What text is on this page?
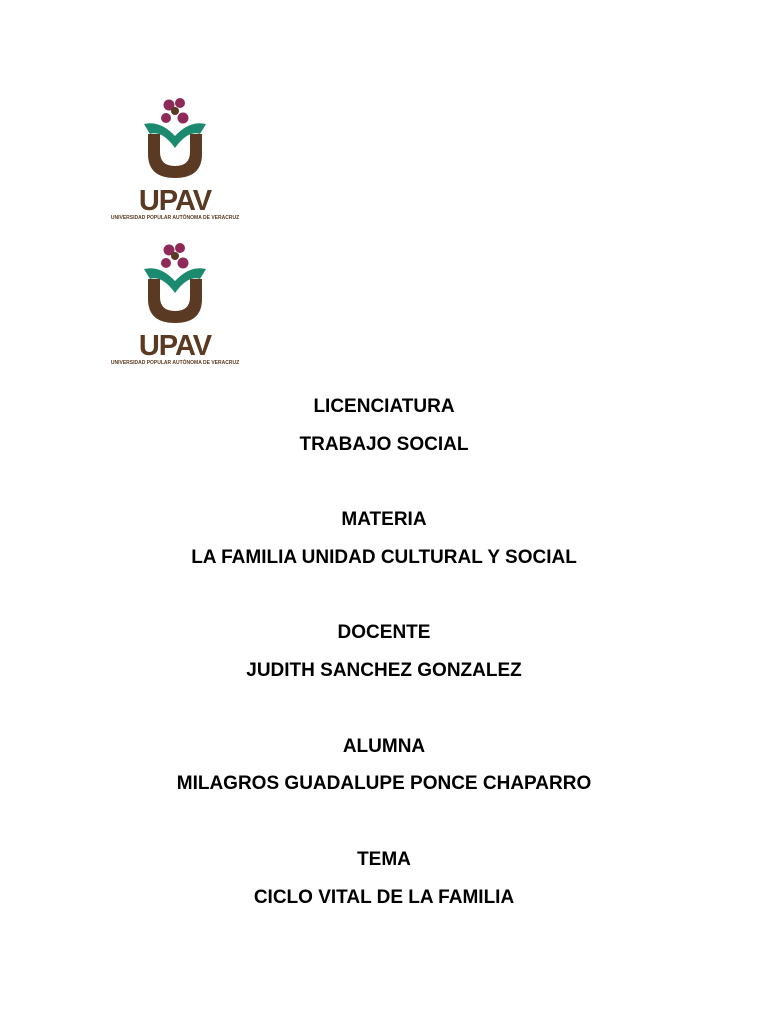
UPAV
UNIVERSIDAD POPULAR AUTÓNOMA DE VERACRUZ
UPAV
UNIVERSIDAD POPULAR AUTÓNOMA DE VERACRUZ
LICENCIATURA
TRABAJO SOCIAL
MATERIA
LA FAMILIA UNIDAD CULTURAL Y SOCIAL
DOCENTE
JUDITH SANCHEZ GONZALEZ
ALUMNA
MILAGROS GUADALUPE PONCE CHAPARRO
TEMA
CICLO VITAL DE LA FAMILIA
